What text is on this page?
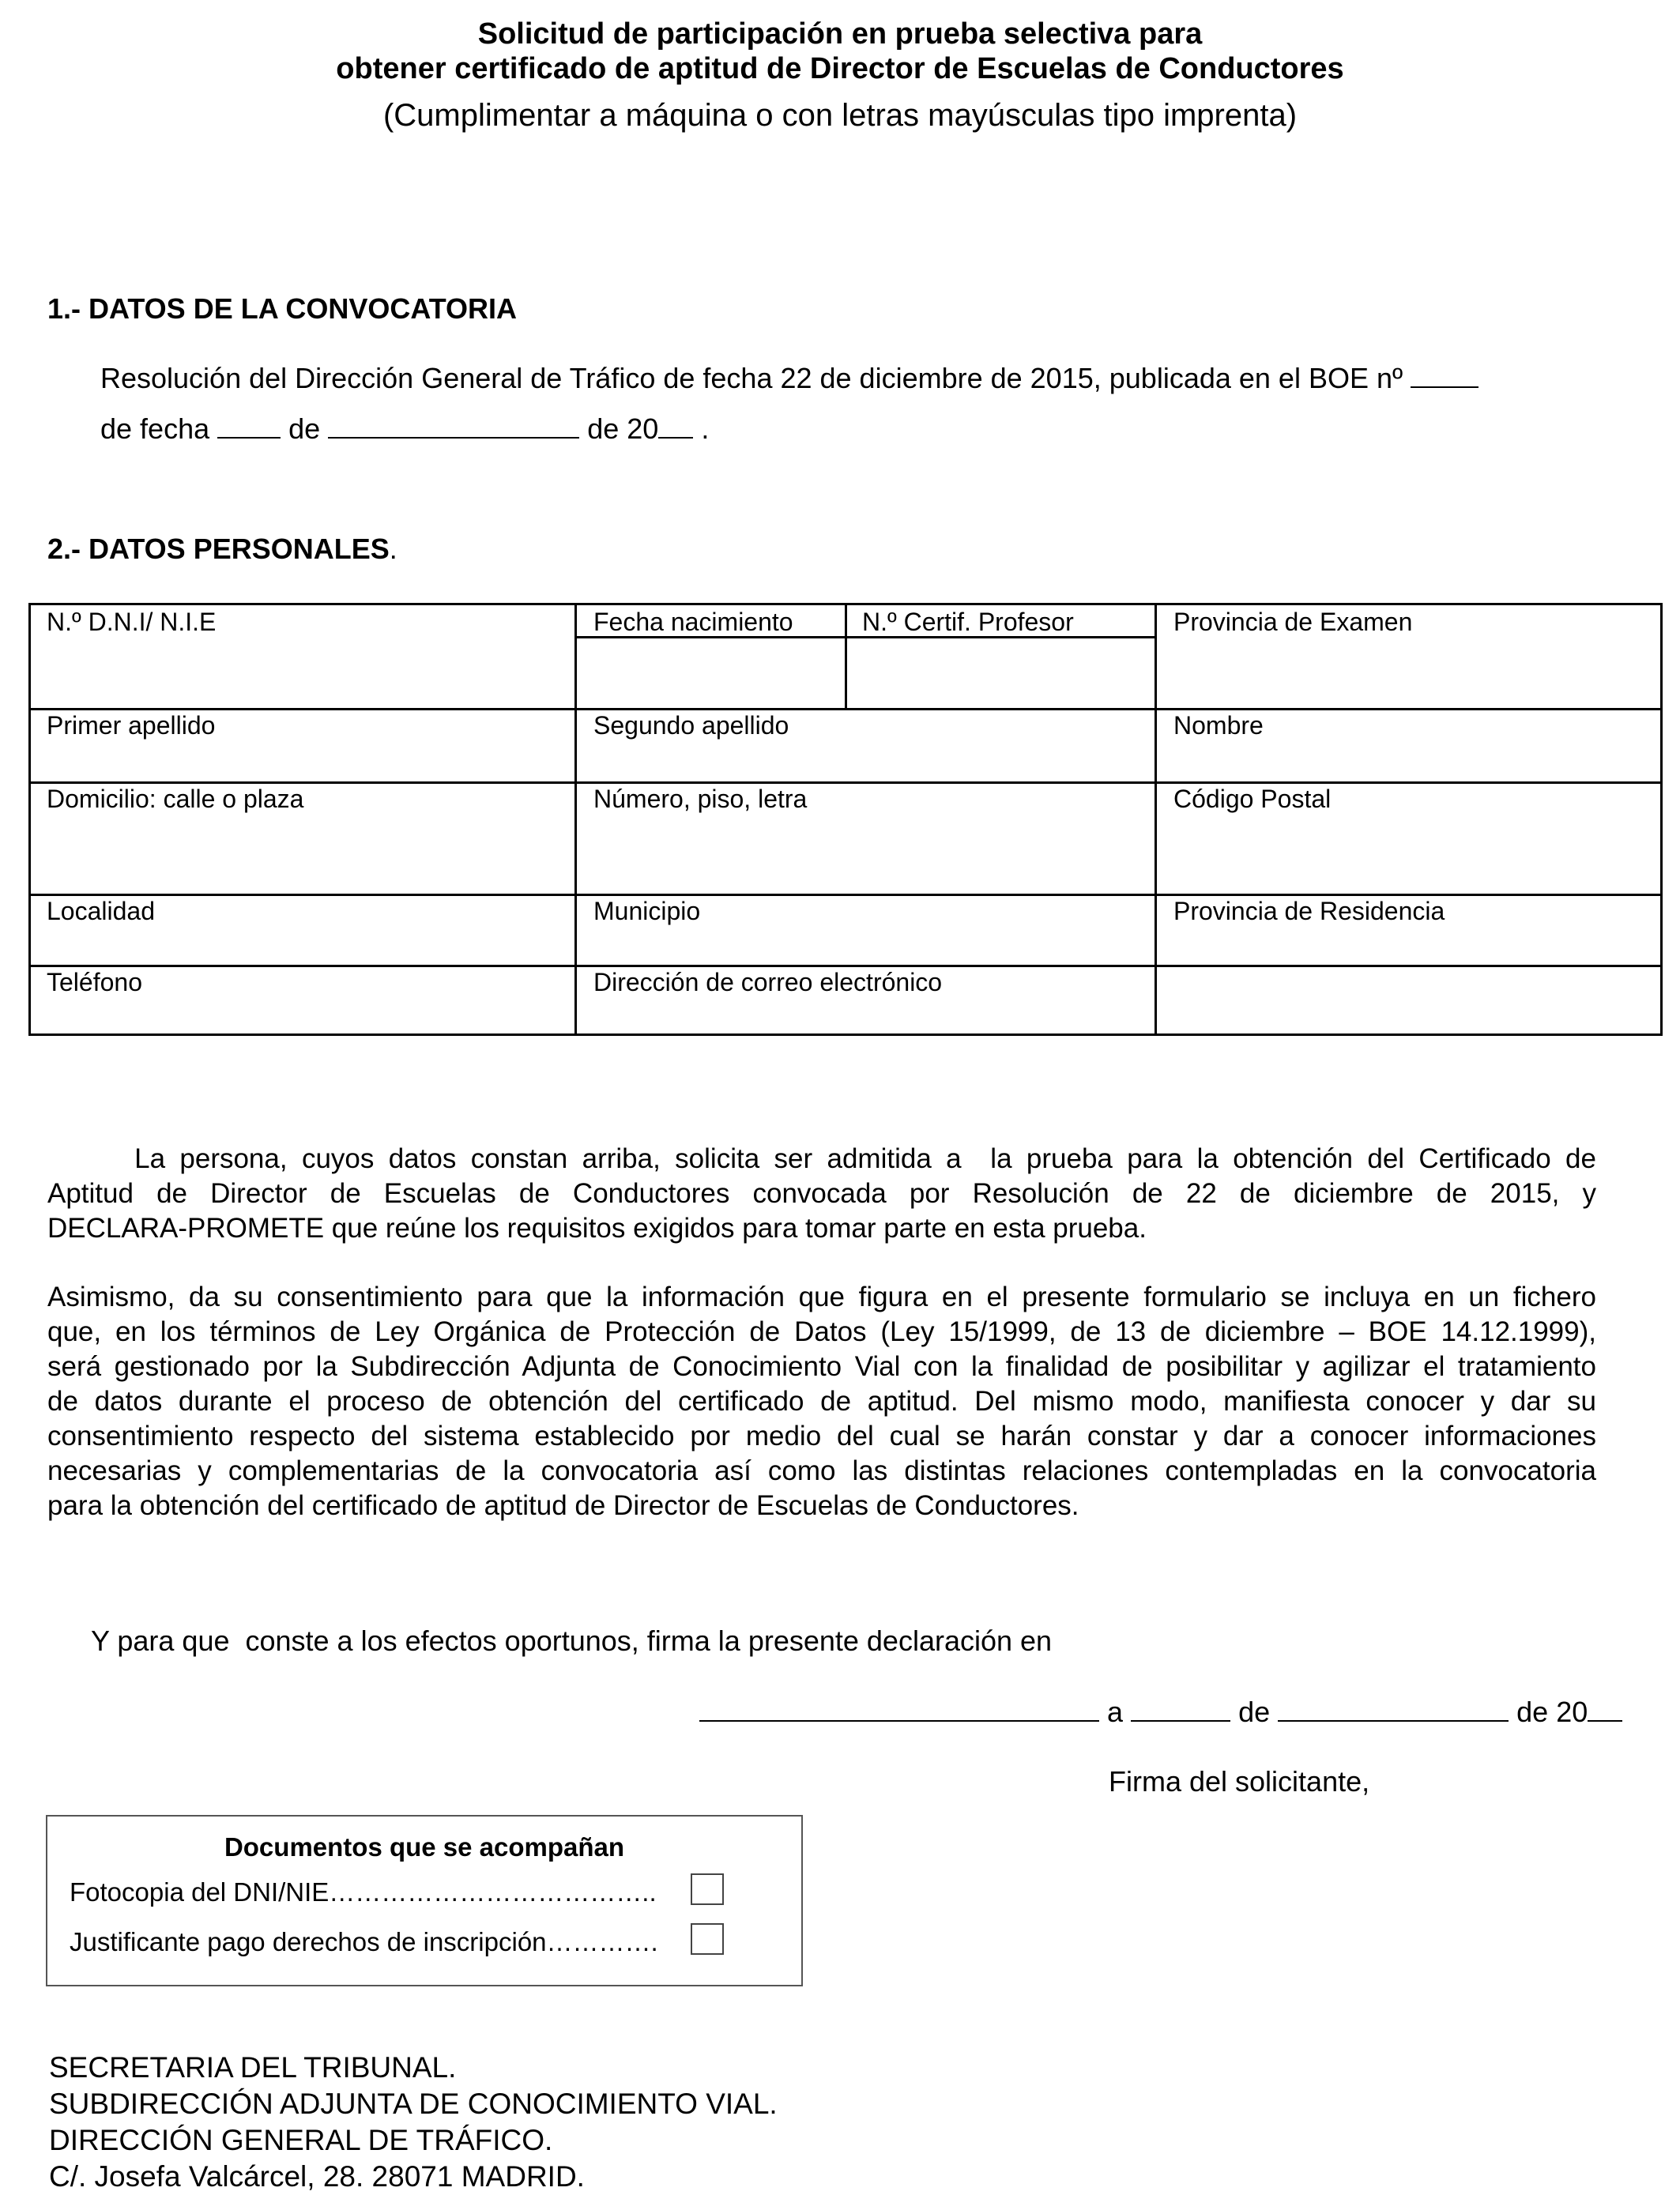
Solicitud de participación en prueba selectiva para
obtener certificado de aptitud de Director de Escuelas de Conductores
(Cumplimentar a máquina o con letras mayúsculas tipo imprenta)
1.- DATOS DE LA CONVOCATORIA
Resolución del Dirección General de Tráfico de fecha 22 de diciembre de 2015, publicada en el BOE nº
de fecha	de	de 20 .
2.- DATOS PERSONALES.
N.º D.N.I/ N.I.E	Fecha nacimiento	N.º Certif. Profesor	Provincia de Examen
Primer apellido	Segundo apellido	Nombre
Domicilio: calle o plaza	Número, piso, letra	Código Postal
Localidad	Municipio	Provincia de Residencia
Teléfono	Dirección de correo electrónico
La persona, cuyos datos constan arriba, solicita ser admitida a  la prueba para la obtención del Certificado de
Aptitud de Director de Escuelas de Conductores convocada por Resolución de 22 de diciembre de 2015, y
DECLARA-PROMETE que reúne los requisitos exigidos para tomar parte en esta prueba.
Asimismo, da su consentimiento para que la información que figura en el presente formulario se incluya en un fichero
que, en los términos de Ley Orgánica de Protección de Datos (Ley 15/1999, de 13 de diciembre – BOE 14.12.1999),
será gestionado por la Subdirección Adjunta de Conocimiento Vial con la finalidad de posibilitar y agilizar el tratamiento
de datos durante el proceso de obtención del certificado de aptitud. Del mismo modo, manifiesta conocer y dar su
consentimiento respecto del sistema establecido por medio del cual se harán constar y dar a conocer informaciones
necesarias y complementarias de la convocatoria así como las distintas relaciones contempladas en la convocatoria
para la obtención del certificado de aptitud de Director de Escuelas de Conductores.
Y para que  conste a los efectos oportunos, firma la presente declaración en
a	de	de 20
Firma del solicitante,
Documentos que se acompañan
Fotocopia del DNI/NIE………………………………..
Justificante pago derechos de inscripción………….
SECRETARIA DEL TRIBUNAL.
SUBDIRECCIÓN ADJUNTA DE CONOCIMIENTO VIAL.
DIRECCIÓN GENERAL DE TRÁFICO.
C/. Josefa Valcárcel, 28. 28071 MADRID.
